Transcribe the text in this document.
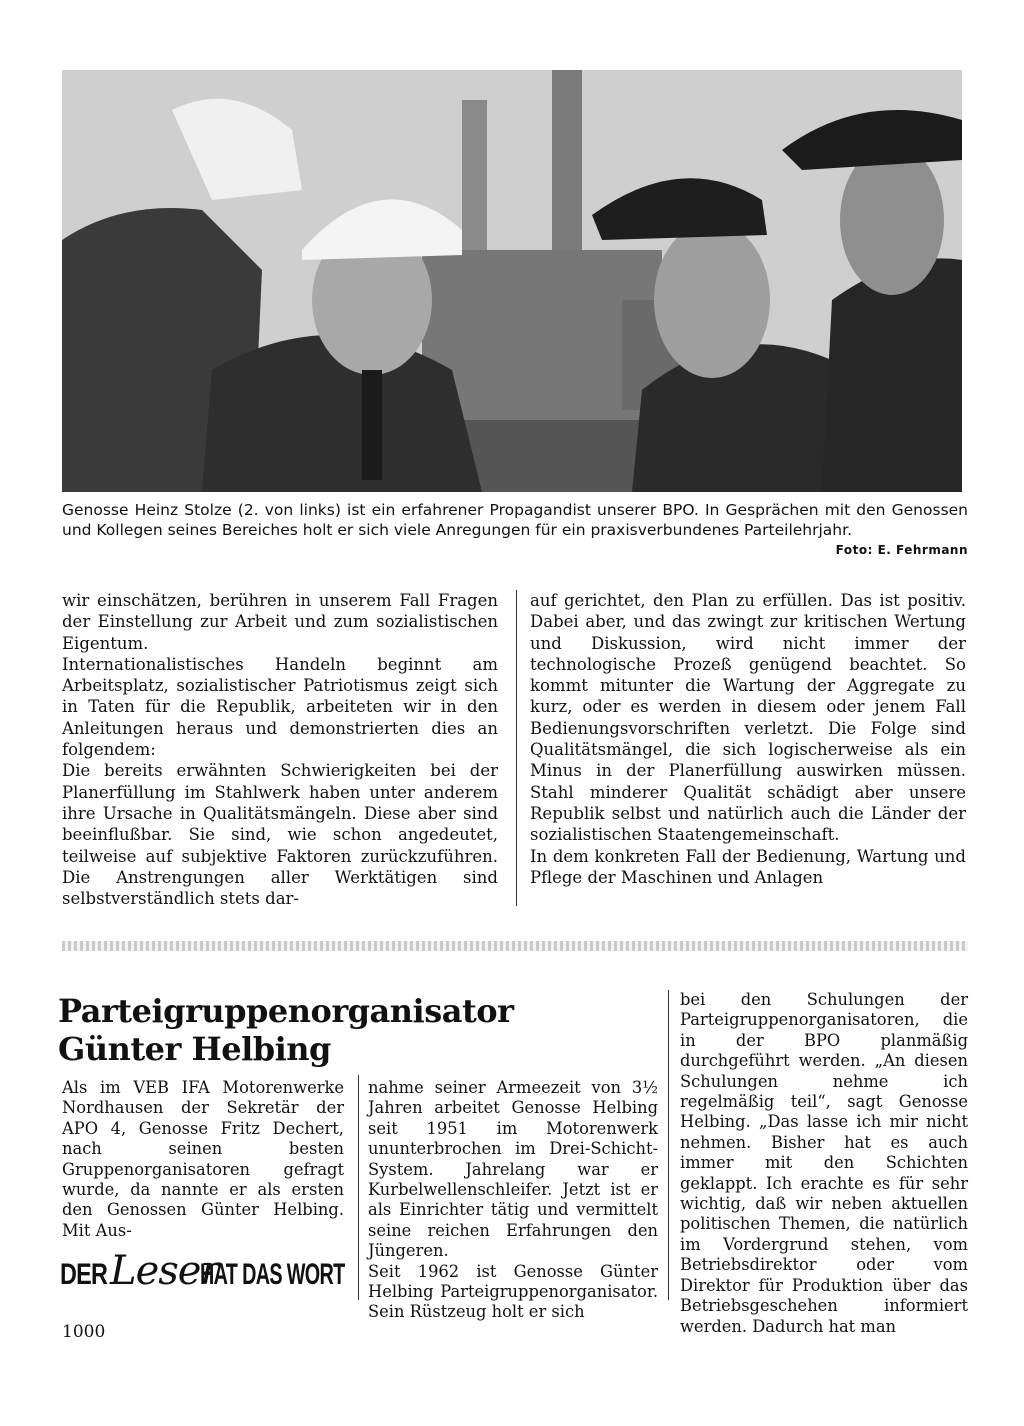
Genosse Heinz Stolze (2. von links) ist ein erfahrener Propagandist unserer BPO. In Gesprächen mit den Genossen und Kollegen seines Bereiches holt er sich viele Anregungen für ein praxisverbundenes Parteilehrjahr.
Foto: E. Fehrmann

wir einschätzen, berühren in unserem Fall Fragen der Einstellung zur Arbeit und zum sozialistischen Eigentum.

Internationalistisches Handeln beginnt am Arbeitsplatz, sozialistischer Patriotismus zeigt sich in Taten für die Republik, arbeiteten wir in den Anleitungen heraus und demonstrierten dies an folgendem:

Die bereits erwähnten Schwierigkeiten bei der Planerfüllung im Stahlwerk haben unter anderem ihre Ursache in Qualitätsmängeln. Diese aber sind beeinflußbar. Sie sind, wie schon angedeutet, teilweise auf subjektive Faktoren zurückzuführen. Die Anstrengungen aller Werktätigen sind selbstverständlich stets dar-

auf gerichtet, den Plan zu erfüllen. Das ist positiv. Dabei aber, und das zwingt zur kritischen Wertung und Diskussion, wird nicht immer der technologische Prozeß genügend beachtet. So kommt mitunter die Wartung der Aggregate zu kurz, oder es werden in diesem oder jenem Fall Bedienungsvorschriften verletzt. Die Folge sind Qualitätsmängel, die sich logischerweise als ein Minus in der Planerfüllung auswirken müssen. Stahl minderer Qualität schädigt aber unsere Republik selbst und natürlich auch die Länder der sozialistischen Staatengemeinschaft.

In dem konkreten Fall der Bedienung, Wartung und Pflege der Maschinen und Anlagen

Parteigruppenorganisator
Günter Helbing
Als im VEB IFA Motorenwerke Nordhausen der Sekretär der APO 4, Genosse Fritz Dechert, nach seinen besten Gruppenorganisatoren gefragt wurde, da nannte er als ersten den Genossen Günter Helbing. Mit Aus-

nahme seiner Armeezeit von 3½ Jahren arbeitet Genosse Helbing seit 1951 im Motorenwerk ununterbrochen im Drei-Schicht-System. Jahrelang war er Kurbelwellenschleifer. Jetzt ist er als Einrichter tätig und vermittelt seine reichen Erfahrungen den Jüngeren.

Seit 1962 ist Genosse Günter Helbing Parteigruppenorganisator. Sein Rüstzeug holt er sich

bei den Schulungen der Parteigruppenorganisatoren, die in der BPO planmäßig durchgeführt werden. „An diesen Schulungen nehme ich regelmäßig teil“, sagt Genosse Helbing. „Das lasse ich mir nicht nehmen. Bisher hat es auch immer mit den Schichten geklappt. Ich erachte es für sehr wichtig, daß wir neben aktuellen politischen Themen, die natürlich im Vordergrund stehen, vom Betriebsdirektor oder vom Direktor für Produktion über das Betriebsgeschehen informiert werden. Dadurch hat man
DER Leser
HAT DAS WORT
1000
